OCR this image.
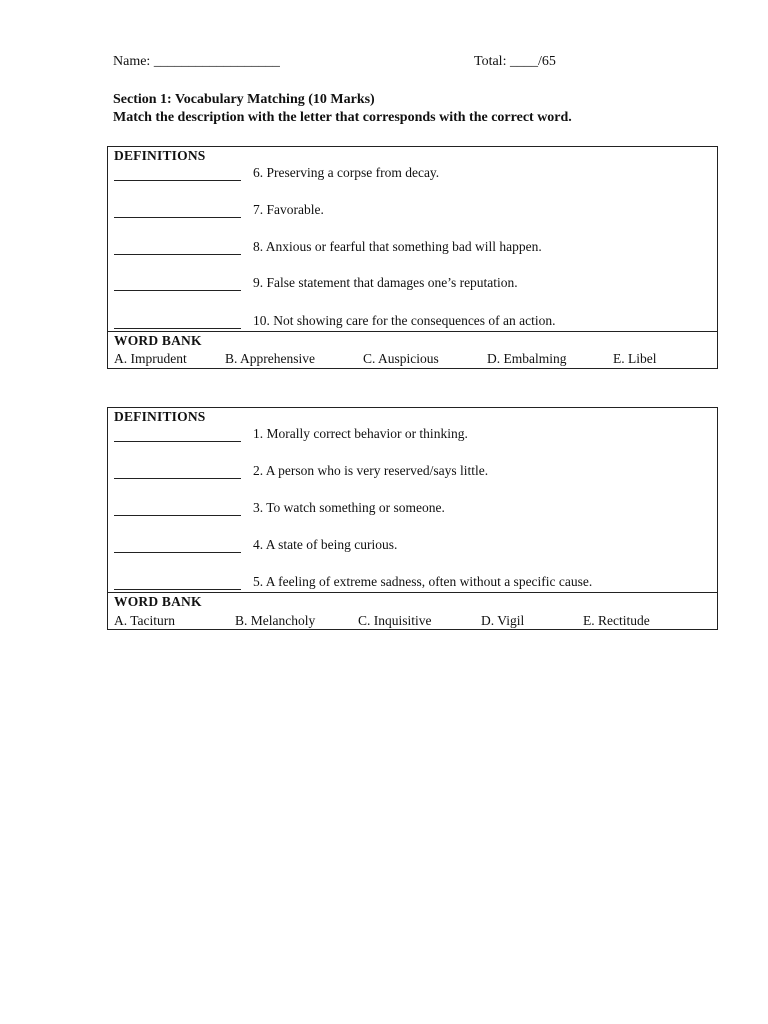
Name: __________________	Total: ____/65
Section 1: Vocabulary Matching (10 Marks)
Match the description with the letter that corresponds with the correct word.
DEFINITIONS
6. Preserving a corpse from decay.
7. Favorable.
8. Anxious or fearful that something bad will happen.
9. False statement that damages one’s reputation.
10. Not showing care for the consequences of an action.
WORD BANK
A. Imprudent	B. Apprehensive	C. Auspicious	D. Embalming	E. Libel
DEFINITIONS
1. Morally correct behavior or thinking.
2. A person who is very reserved/says little.
3. To watch something or someone.
4. A state of being curious.
5. A feeling of extreme sadness, often without a specific cause.
WORD BANK
A. Taciturn	B. Melancholy	C. Inquisitive	D. Vigil	E. Rectitude
